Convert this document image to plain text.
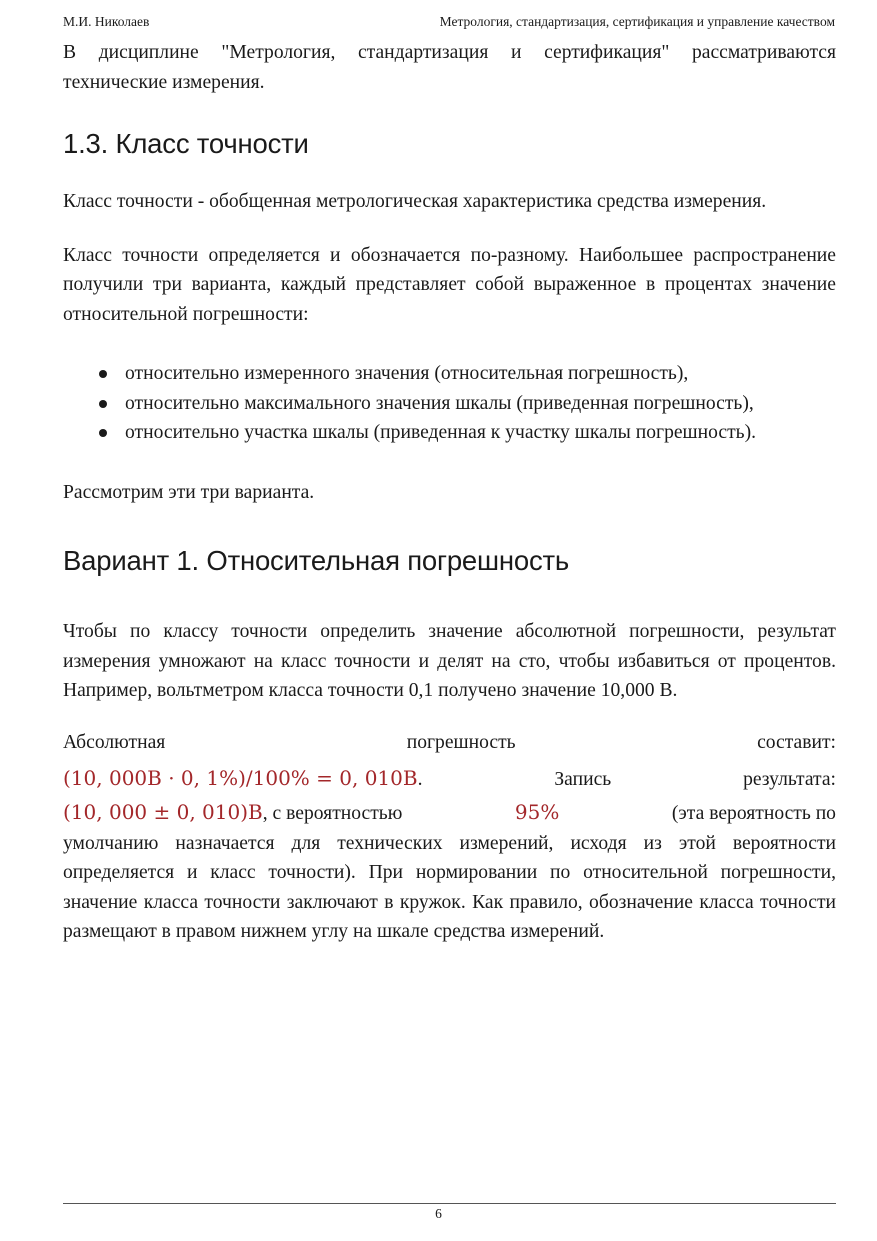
М.И. Николаев	Метрология, стандартизация, сертификация и управление качеством

В дисциплине "Метрология, стандартизация и сертификация" рассматриваются технические измерения.

1.3. Класс точности

Класс точности - обобщенная метрологическая характеристика средства измерения.

Класс точности определяется и обозначается по-разному. Наибольшее распространение получили три варианта, каждый представляет собой выраженное в процентах значение относительной погрешности:

относительно измеренного значения (относительная погрешность),
относительно максимального значения шкалы (приведенная погрешность),
относительно участка шкалы (приведенная к участку шкалы погрешность).

Рассмотрим эти три варианта.

Вариант 1. Относительная погрешность

Чтобы по классу точности определить значение абсолютной погрешности, результат измерения умножают на класс точности и делят на сто, чтобы избавиться от процентов. Например, вольтметром класса точности 0,1 получено значение 10,000 В.

Абсолютная	погрешность	составит:
(10, 000В · 0, 1%)/100% = 0, 010В.	Запись	результата:
(10, 000 ± 0, 010)В, с вероятностью	95%	(эта вероятность по

умолчанию назначается для технических измерений, исходя из этой вероятности определяется и класс точности). При нормировании по относительной погрешности, значение класса точности заключают в кружок. Как правило, обозначение класса точности размещают в правом нижнем углу на шкале средства измерений.

6
